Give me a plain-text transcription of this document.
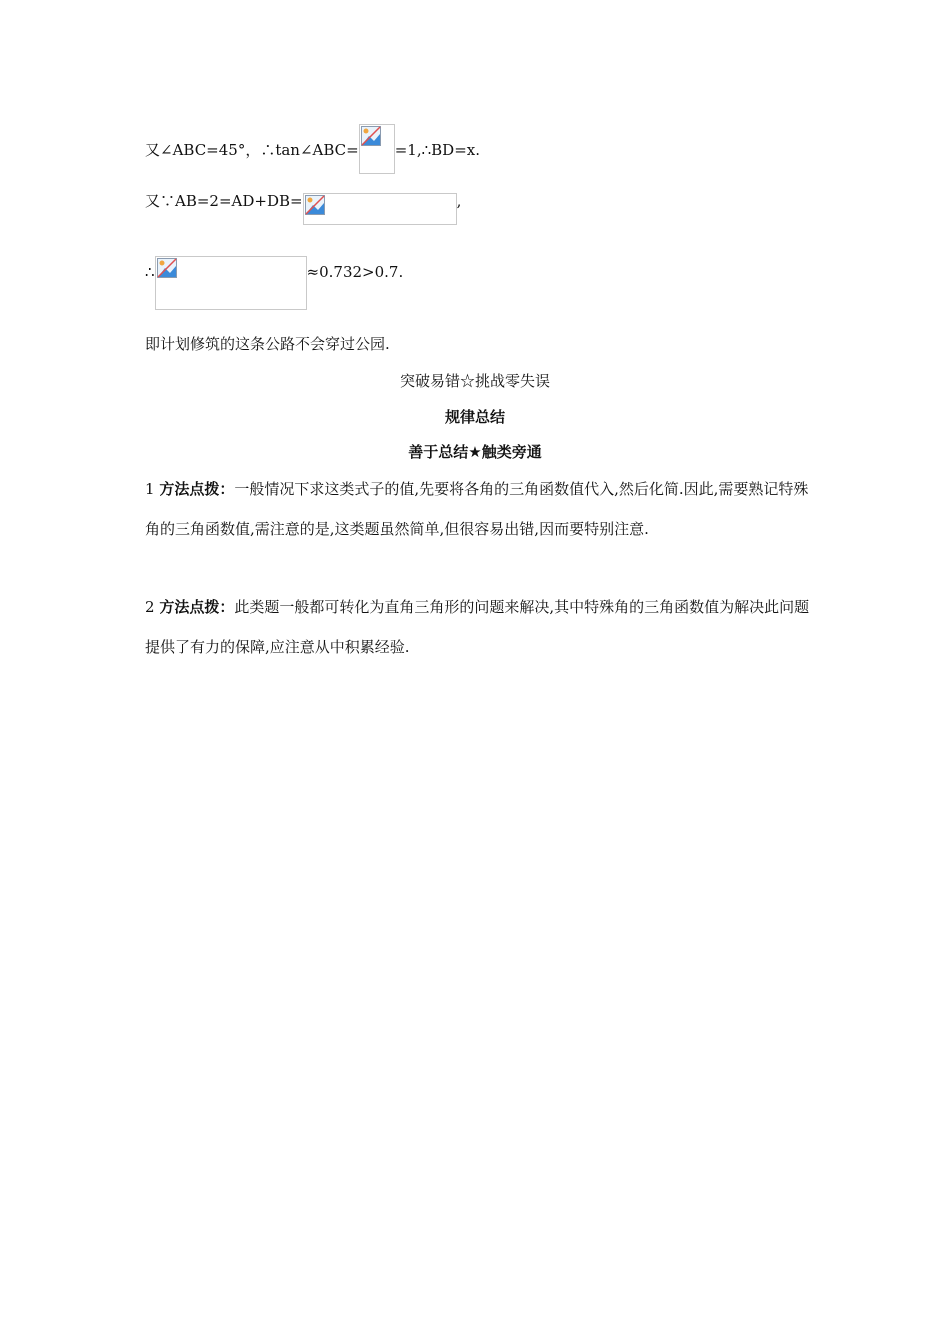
又∠ABC=45°，∴tan∠ABC= =1,∴BD=x.
又∵AB=2=AD+DB=	,
∴	≈0.732>0.7.
即计划修筑的这条公路不会穿过公园.
突破易错☆挑战零失误
规律总结
善于总结★触类旁通
1 方法点拨：一般情况下求这类式子的值,先要将各角的三角函数值代入,然后化简.因此,需要熟记特殊角的三角函数值,需注意的是,这类题虽然简单,但很容易出错,因而要特别注意.
2 方法点拨：此类题一般都可转化为直角三角形的问题来解决,其中特殊角的三角函数值为解决此问题提供了有力的保障,应注意从中积累经验.
